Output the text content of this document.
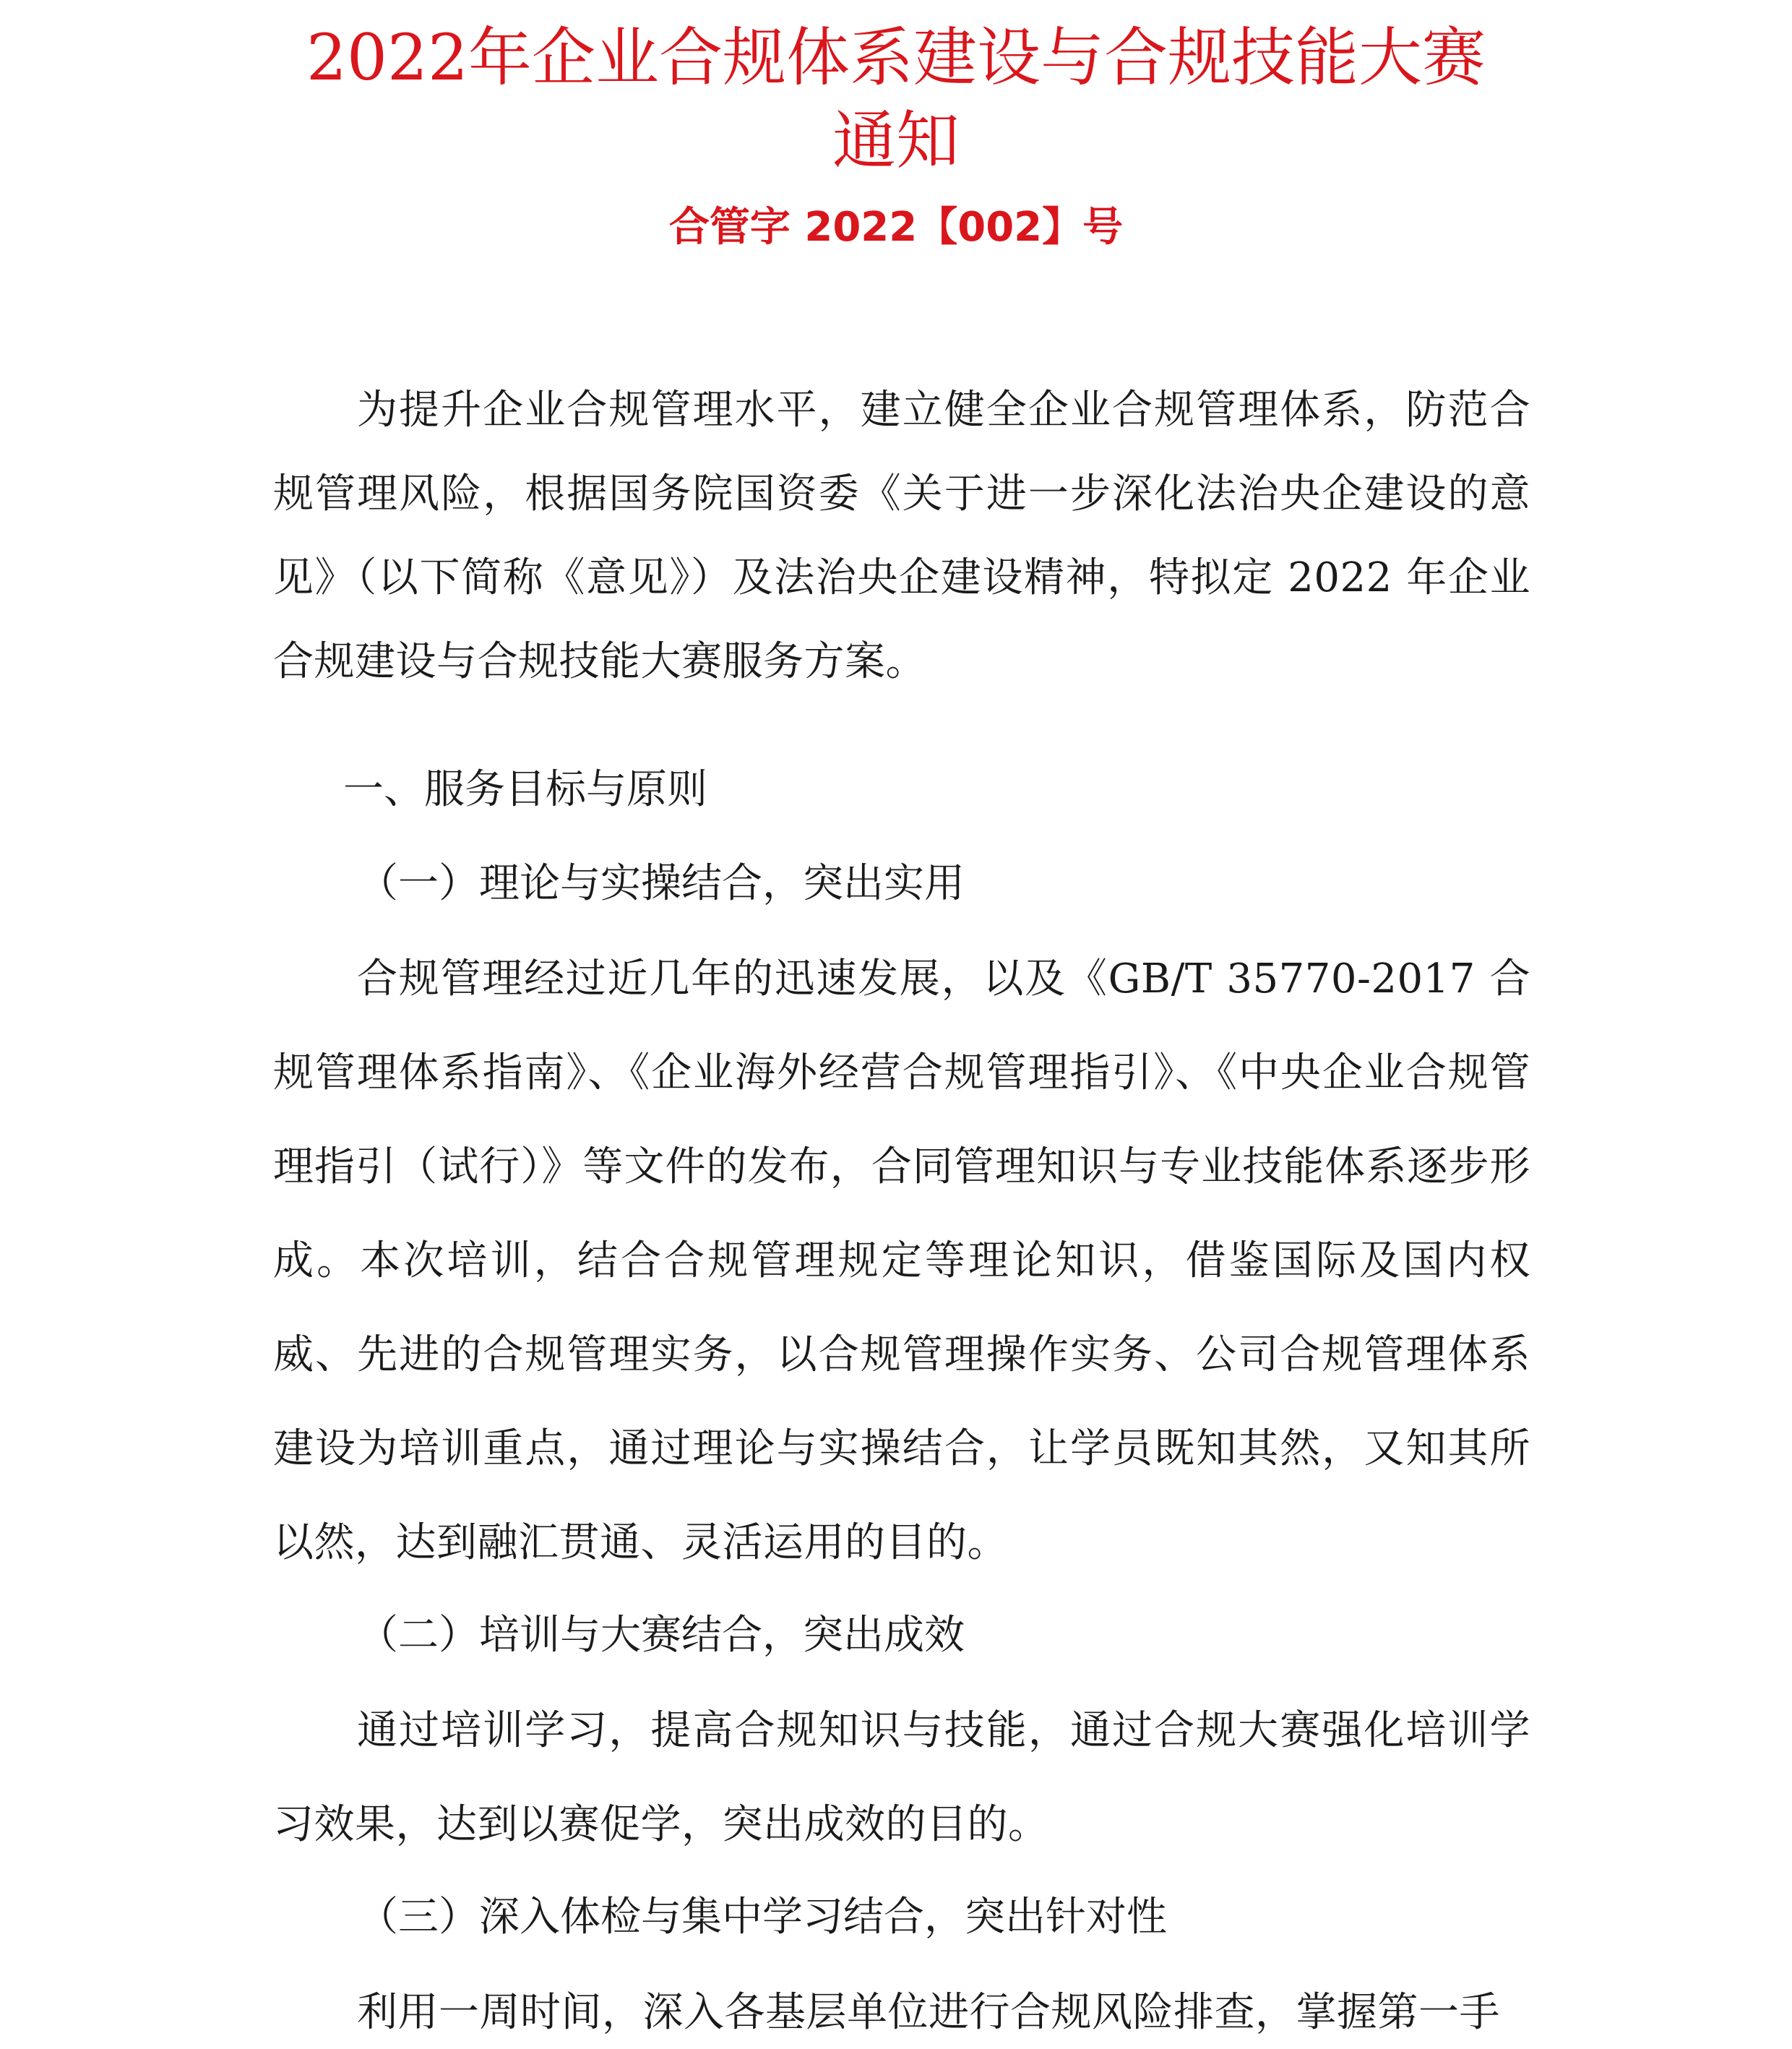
2022年企业合规体系建设与合规技能大赛
通知
合管字 2022【002】号

为提升企业合规管理水平，建立健全企业合规管理体系，防范合规管理风险，根据国务院国资委《关于进一步深化法治央企建设的意见》（以下简称《意见》）及法治央企建设精神，特拟定 2022 年企业合规建设与合规技能大赛服务方案。

一、服务目标与原则
（一）理论与实操结合，突出实用

合规管理经过近几年的迅速发展，以及《GB/T 35770-2017 合规管理体系指南》、《企业海外经营合规管理指引》、《中央企业合规管理指引（试行）》等文件的发布，合同管理知识与专业技能体系逐步形成。本次培训，结合合规管理规定等理论知识，借鉴国际及国内权威、先进的合规管理实务，以合规管理操作实务、公司合规管理体系建设为培训重点，通过理论与实操结合，让学员既知其然，又知其所以然，达到融汇贯通、灵活运用的目的。

（二）培训与大赛结合，突出成效

通过培训学习，提高合规知识与技能，通过合规大赛强化培训学习效果，达到以赛促学，突出成效的目的。

（三）深入体检与集中学习结合，突出针对性

利用一周时间，深入各基层单位进行合规风险排查，掌握第一手
